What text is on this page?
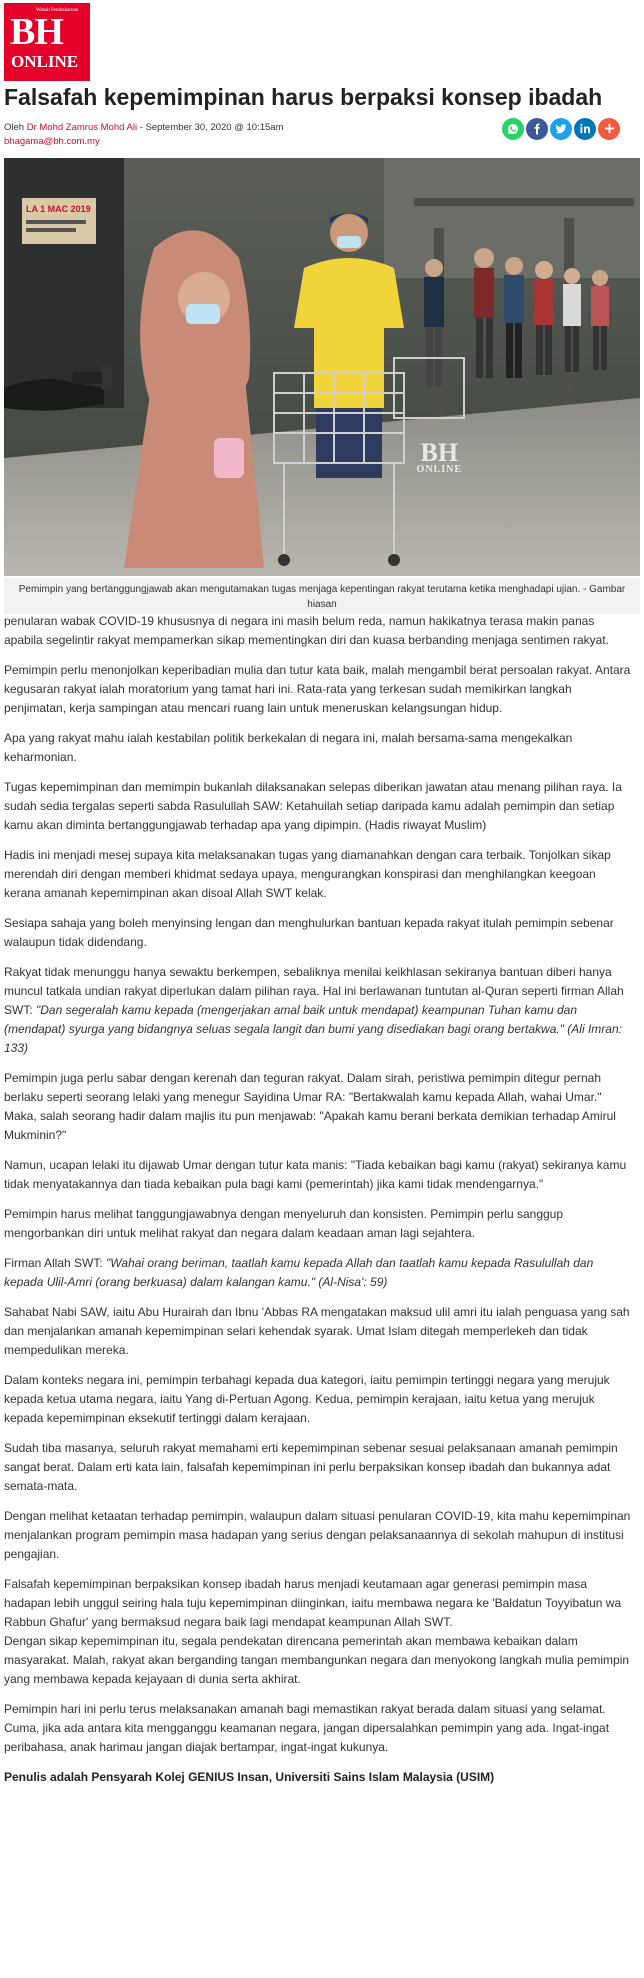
Wahab Pembaharuan
BH
ONLINE
Falsafah kepemimpinan harus berpaksi konsep ibadah
Oleh Dr Mohd Zamrus Mohd Ali - September 30, 2020 @ 10:15am
bhagama@bh.com.my
LA 1 MAC 2019
BH
ONLINE
Pemimpin yang bertanggungjawab akan mengutamakan tugas menjaga kepentingan rakyat terutama ketika menghadapi ujian. - Gambar hiasan

penularan wabak COVID-19 khususnya di negara ini masih belum reda, namun hakikatnya terasa makin panas apabila segelintir rakyat mempamerkan sikap mementingkan diri dan kuasa berbanding menjaga sentimen rakyat.

Pemimpin perlu menonjolkan keperibadian mulia dan tutur kata baik, malah mengambil berat persoalan rakyat. Antara kegusaran rakyat ialah moratorium yang tamat hari ini. Rata-rata yang terkesan sudah memikirkan langkah penjimatan, kerja sampingan atau mencari ruang lain untuk meneruskan kelangsungan hidup.

Apa yang rakyat mahu ialah kestabilan politik berkekalan di negara ini, malah bersama-sama mengekalkan keharmonian.

Tugas kepemimpinan dan memimpin bukanlah dilaksanakan selepas diberikan jawatan atau menang pilihan raya. Ia sudah sedia tergalas seperti sabda Rasulullah SAW: Ketahuilah setiap daripada kamu adalah pemimpin dan setiap kamu akan diminta bertanggungjawab terhadap apa yang dipimpin. (Hadis riwayat Muslim)

Hadis ini menjadi mesej supaya kita melaksanakan tugas yang diamanahkan dengan cara terbaik. Tonjolkan sikap merendah diri dengan memberi khidmat sedaya upaya, mengurangkan konspirasi dan menghilangkan keegoan kerana amanah kepemimpinan akan disoal Allah SWT kelak.

Sesiapa sahaja yang boleh menyinsing lengan dan menghulurkan bantuan kepada rakyat itulah pemimpin sebenar walaupun tidak didendang.

Rakyat tidak menunggu hanya sewaktu berkempen, sebaliknya menilai keikhlasan sekiranya bantuan diberi hanya muncul tatkala undian rakyat diperlukan dalam pilihan raya. Hal ini berlawanan tuntutan al-Quran seperti firman Allah SWT: "Dan segeralah kamu kepada (mengerjakan amal baik untuk mendapat) keampunan Tuhan kamu dan (mendapat) syurga yang bidangnya seluas segala langit dan bumi yang disediakan bagi orang bertakwa." (Ali Imran: 133)

Pemimpin juga perlu sabar dengan kerenah dan teguran rakyat. Dalam sirah, peristiwa pemimpin ditegur pernah berlaku seperti seorang lelaki yang menegur Sayidina Umar RA: "Bertakwalah kamu kepada Allah, wahai Umar." Maka, salah seorang hadir dalam majlis itu pun menjawab: "Apakah kamu berani berkata demikian terhadap Amirul Mukminin?"

Namun, ucapan lelaki itu dijawab Umar dengan tutur kata manis: "Tiada kebaikan bagi kamu (rakyat) sekiranya kamu tidak menyatakannya dan tiada kebaikan pula bagi kami (pemerintah) jika kami tidak mendengarnya."

Pemimpin harus melihat tanggungjawabnya dengan menyeluruh dan konsisten. Pemimpin perlu sanggup mengorbankan diri untuk melihat rakyat dan negara dalam keadaan aman lagi sejahtera.

Firman Allah SWT: "Wahai orang beriman, taatlah kamu kepada Allah dan taatlah kamu kepada Rasulullah dan kepada Ulil-Amri (orang berkuasa) dalam kalangan kamu." (Al-Nisa': 59)

Sahabat Nabi SAW, iaitu Abu Hurairah dan Ibnu 'Abbas RA mengatakan maksud ulil amri itu ialah penguasa yang sah dan menjalankan amanah kepemimpinan selari kehendak syarak. Umat Islam ditegah memperlekeh dan tidak mempedulikan mereka.

Dalam konteks negara ini, pemimpin terbahagi kepada dua kategori, iaitu pemimpin tertinggi negara yang merujuk kepada ketua utama negara, iaitu Yang di-Pertuan Agong. Kedua, pemimpin kerajaan, iaitu ketua yang merujuk kepada kepemimpinan eksekutif tertinggi dalam kerajaan.

Sudah tiba masanya, seluruh rakyat memahami erti kepemimpinan sebenar sesuai pelaksanaan amanah pemimpin sangat berat. Dalam erti kata lain, falsafah kepemimpinan ini perlu berpaksikan konsep ibadah dan bukannya adat semata-mata.

Dengan melihat ketaatan terhadap pemimpin, walaupun dalam situasi penularan COVID-19, kita mahu kepemimpinan menjalankan program pemimpin masa hadapan yang serius dengan pelaksanaannya di sekolah mahupun di institusi pengajian.

Falsafah kepemimpinan berpaksikan konsep ibadah harus menjadi keutamaan agar generasi pemimpin masa hadapan lebih unggul seiring hala tuju kepemimpinan diinginkan, iaitu membawa negara ke 'Baldatun Toyyibatun wa Rabbun Ghafur' yang bermaksud negara baik lagi mendapat keampunan Allah SWT.

Dengan sikap kepemimpinan itu, segala pendekatan direncana pemerintah akan membawa kebaikan dalam masyarakat. Malah, rakyat akan berganding tangan membangunkan negara dan menyokong langkah mulia pemimpin yang membawa kepada kejayaan di dunia serta akhirat.

Pemimpin hari ini perlu terus melaksanakan amanah bagi memastikan rakyat berada dalam situasi yang selamat. Cuma, jika ada antara kita mengganggu keamanan negara, jangan dipersalahkan pemimpin yang ada. Ingat-ingat peribahasa, anak harimau jangan diajak bertampar, ingat-ingat kukunya.

Penulis adalah Pensyarah Kolej GENIUS Insan, Universiti Sains Islam Malaysia (USIM)
